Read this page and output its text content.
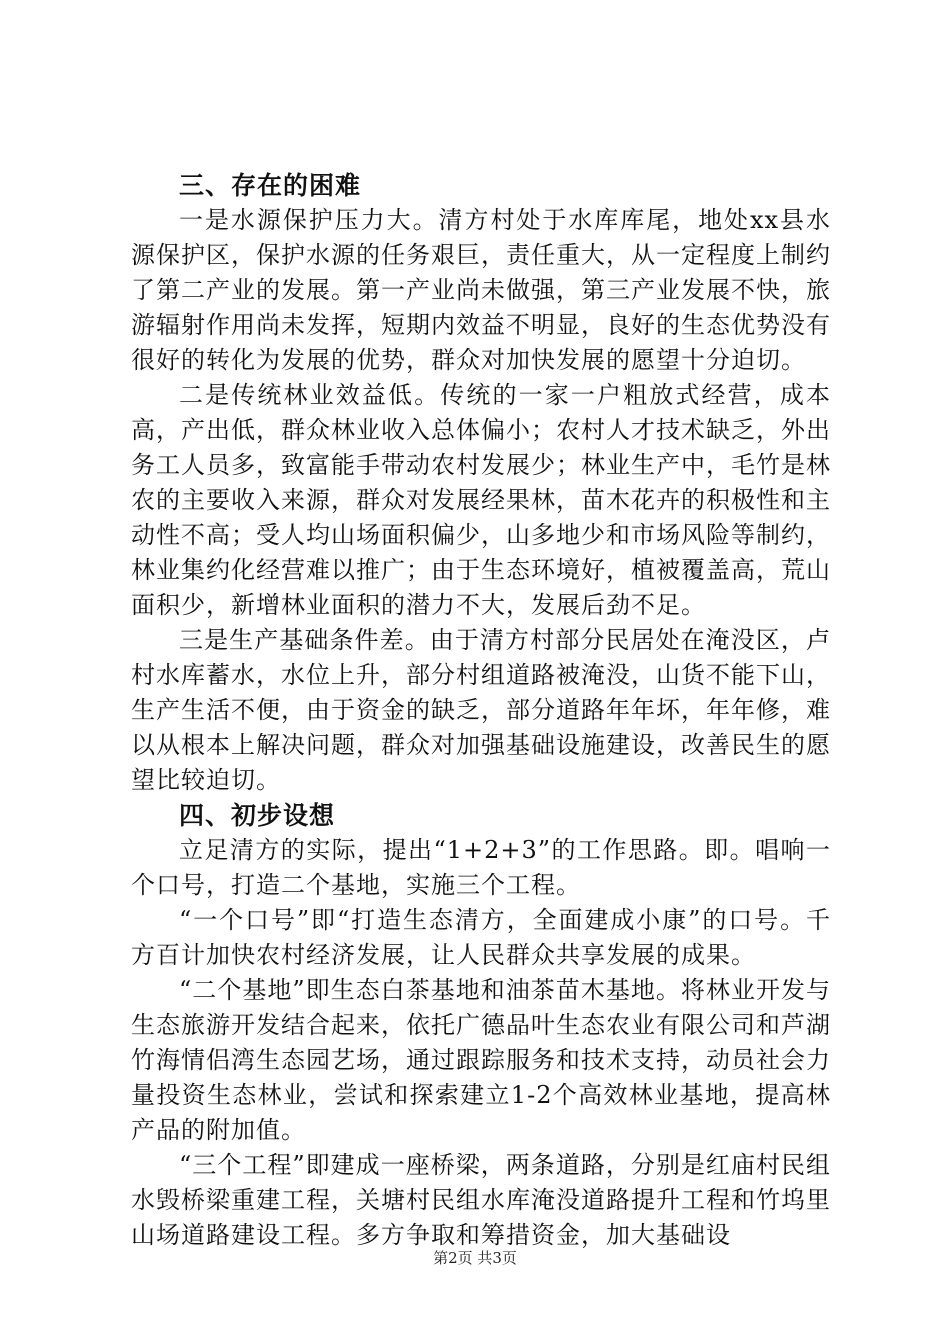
三、存在的困难

一是水源保护压力大。清方村处于水库库尾，地处xx县水源保护区，保护水源的任务艰巨，责任重大，从一定程度上制约了第二产业的发展。第一产业尚未做强，第三产业发展不快，旅游辐射作用尚未发挥，短期内效益不明显，良好的生态优势没有很好的转化为发展的优势，群众对加快发展的愿望十分迫切。

二是传统林业效益低。传统的一家一户粗放式经营，成本高，产出低，群众林业收入总体偏小；农村人才技术缺乏，外出务工人员多，致富能手带动农村发展少；林业生产中，毛竹是林农的主要收入来源，群众对发展经果林，苗木花卉的积极性和主动性不高；受人均山场面积偏少，山多地少和市场风险等制约，林业集约化经营难以推广；由于生态环境好，植被覆盖高，荒山面积少，新增林业面积的潜力不大，发展后劲不足。

三是生产基础条件差。由于清方村部分民居处在淹没区，卢村水库蓄水，水位上升，部分村组道路被淹没，山货不能下山，生产生活不便，由于资金的缺乏，部分道路年年坏，年年修，难以从根本上解决问题，群众对加强基础设施建设，改善民生的愿望比较迫切。

四、初步设想

立足清方的实际，提出“1+2+3”的工作思路。即。唱响一个口号，打造二个基地，实施三个工程。

“一个口号”即“打造生态清方，全面建成小康”的口号。千方百计加快农村经济发展，让人民群众共享发展的成果。

“二个基地”即生态白茶基地和油茶苗木基地。将林业开发与生态旅游开发结合起来，依托广德品叶生态农业有限公司和芦湖竹海情侣湾生态园艺场，通过跟踪服务和技术支持，动员社会力量投资生态林业，尝试和探索建立1-2个高效林业基地，提高林产品的附加值。

“三个工程”即建成一座桥梁，两条道路，分别是红庙村民组水毁桥梁重建工程，关塘村民组水库淹没道路提升工程和竹坞里山场道路建设工程。多方争取和筹措资金，加大基础设

第2页 共3页
